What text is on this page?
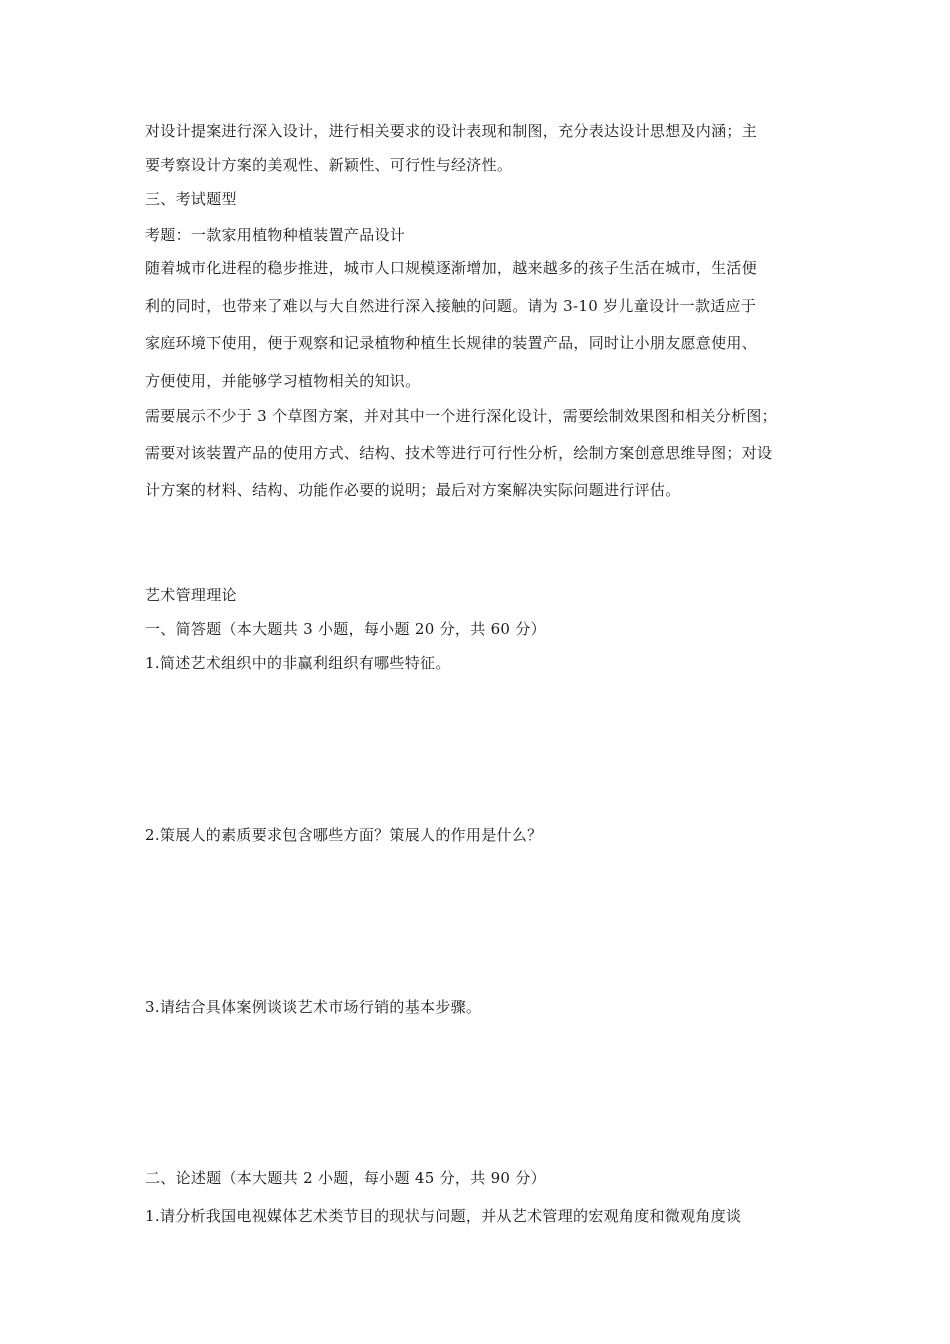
对设计提案进行深入设计，进行相关要求的设计表现和制图，充分表达设计思想及内涵；主
要考察设计方案的美观性、新颖性、可行性与经济性。
三、考试题型
考题：一款家用植物种植装置产品设计
随着城市化进程的稳步推进，城市人口规模逐渐增加，越来越多的孩子生活在城市，生活便
利的同时，也带来了难以与大自然进行深入接触的问题。请为 3-10 岁儿童设计一款适应于
家庭环境下使用，便于观察和记录植物种植生长规律的装置产品，同时让小朋友愿意使用、
方便使用，并能够学习植物相关的知识。
需要展示不少于 3 个草图方案，并对其中一个进行深化设计，需要绘制效果图和相关分析图；
需要对该装置产品的使用方式、结构、技术等进行可行性分析，绘制方案创意思维导图；对设
计方案的材料、结构、功能作必要的说明；最后对方案解决实际问题进行评估。
艺术管理理论
一、简答题（本大题共 3 小题，每小题 20 分，共 60 分）
1.简述艺术组织中的非赢利组织有哪些特征。
2.策展人的素质要求包含哪些方面？策展人的作用是什么？
3.请结合具体案例谈谈艺术市场行销的基本步骤。
二、论述题（本大题共 2 小题，每小题 45 分，共 90 分）
1.请分析我国电视媒体艺术类节目的现状与问题，并从艺术管理的宏观角度和微观角度谈
